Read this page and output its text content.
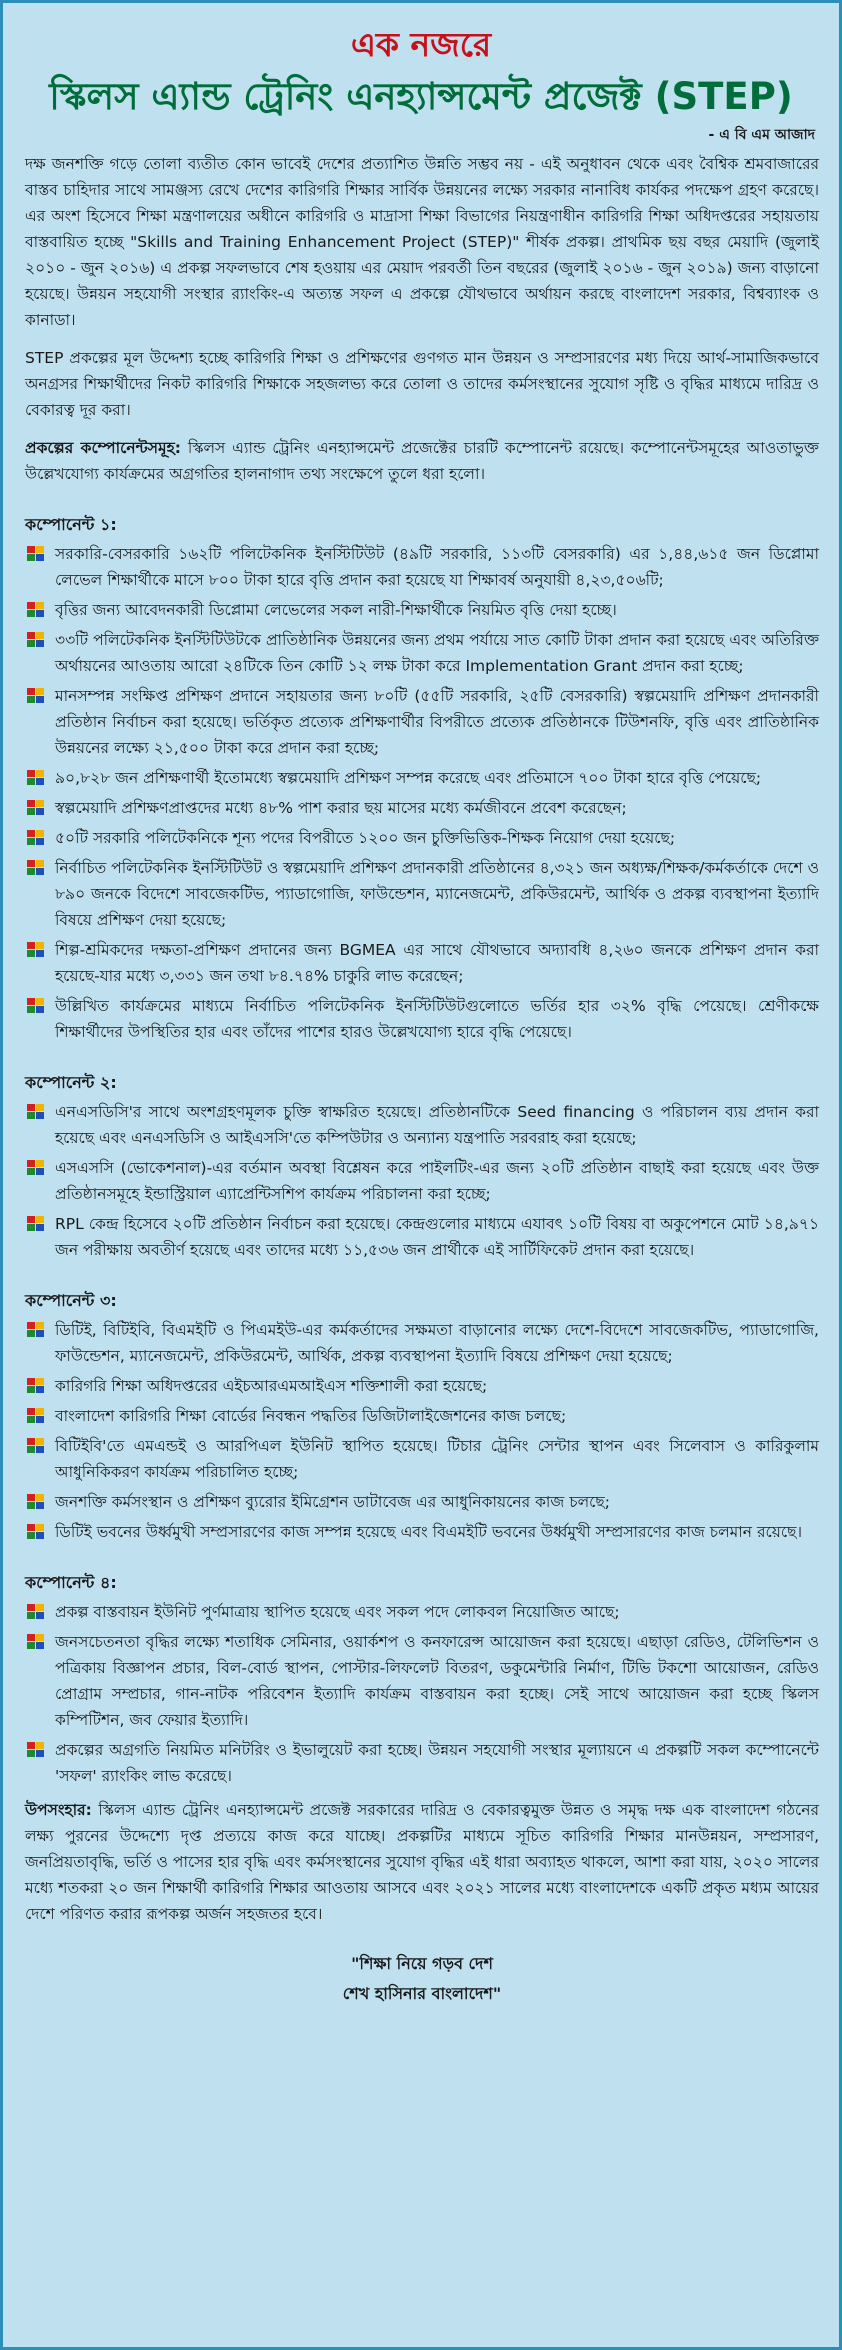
এক নজরে
স্কিলস এ্যান্ড ট্রেনিং এনহ্যান্সমেন্ট প্রজেক্ট (STEP)
- এ বি এম আজাদ

দক্ষ জনশক্তি গড়ে তোলা ব্যতীত কোন ভাবেই দেশের প্রত্যাশিত উন্নতি সম্ভব নয় - এই অনুধাবন থেকে এবং বৈশ্বিক শ্রমবাজারের বাস্তব চাহিদার সাথে সামঞ্জস্য রেখে দেশের কারিগরি শিক্ষার সার্বিক উন্নয়নের লক্ষ্যে সরকার নানাবিধ কার্যকর পদক্ষেপ গ্রহণ করেছে। এর অংশ হিসেবে শিক্ষা মন্ত্রণালয়ের অধীনে কারিগরি ও মাদ্রাসা শিক্ষা বিভাগের নিয়ন্ত্রণাধীন কারিগরি শিক্ষা অধিদপ্তরের সহায়তায় বাস্তবায়িত হচ্ছে "Skills and Training Enhancement Project (STEP)" শীর্ষক প্রকল্প। প্রাথমিক ছয় বছর মেয়াদি (জুলাই ২০১০ - জুন ২০১৬) এ প্রকল্প সফলভাবে শেষ হওয়ায় এর মেয়াদ পরবর্তী তিন বছরের (জুলাই ২০১৬ - জুন ২০১৯) জন্য বাড়ানো হয়েছে। উন্নয়ন সহযোগী সংস্থার র‍্যাংকিং-এ অত্যন্ত সফল এ প্রকল্পে যৌথভাবে অর্থায়ন করছে বাংলাদেশ সরকার, বিশ্বব্যাংক ও কানাডা।

STEP প্রকল্পের মূল উদ্দেশ্য হচ্ছে কারিগরি শিক্ষা ও প্রশিক্ষণের গুণগত মান উন্নয়ন ও সম্প্রসারণের মধ্য দিয়ে আর্থ-সামাজিকভাবে অনগ্রসর শিক্ষার্থীদের নিকট কারিগরি শিক্ষাকে সহজলভ্য করে তোলা ও তাদের কর্মসংস্থানের সুযোগ সৃষ্টি ও বৃদ্ধির মাধ্যমে দারিদ্র ও বেকারত্ব দূর করা।

প্রকল্পের কম্পোনেন্টসমূহ: স্কিলস এ্যান্ড ট্রেনিং এনহ্যান্সমেন্ট প্রজেক্টের চারটি কম্পোনেন্ট রয়েছে। কম্পোনেন্টসমূহের আওতাভুক্ত উল্লেখযোগ্য কার্যক্রমের অগ্রগতির হালনাগাদ তথ্য সংক্ষেপে তুলে ধরা হলো।

কম্পোনেন্ট ১:
সরকারি-বেসরকারি ১৬২টি পলিটেকনিক ইনস্টিটিউট (৪৯টি সরকারি, ১১৩টি বেসরকারি) এর ১,৪৪,৬১৫ জন ডিপ্লোমা লেভেল শিক্ষার্থীকে মাসে ৮০০ টাকা হারে বৃত্তি প্রদান করা হয়েছে যা শিক্ষাবর্ষ অনুযায়ী ৪,২৩,৫০৬টি;
বৃত্তির জন্য আবেদনকারী ডিপ্লোমা লেভেলের সকল নারী-শিক্ষার্থীকে নিয়মিত বৃত্তি দেয়া হচ্ছে।
৩৩টি পলিটেকনিক ইনস্টিটিউটকে প্রাতিষ্ঠানিক উন্নয়নের জন্য প্রথম পর্যায়ে সাত কোটি টাকা প্রদান করা হয়েছে এবং অতিরিক্ত অর্থায়নের আওতায় আরো ২৪টিকে তিন কোটি ১২ লক্ষ টাকা করে Implementation Grant প্রদান করা হচ্ছে;
মানসম্পন্ন সংক্ষিপ্ত প্রশিক্ষণ প্রদানে সহায়তার জন্য ৮০টি (৫৫টি সরকারি, ২৫টি বেসরকারি) স্বল্পমেয়াদি প্রশিক্ষণ প্রদানকারী প্রতিষ্ঠান নির্বাচন করা হয়েছে। ভর্তিকৃত প্রত্যেক প্রশিক্ষণার্থীর বিপরীতে প্রত্যেক প্রতিষ্ঠানকে টিউশনফি, বৃত্তি এবং প্রাতিষ্ঠানিক উন্নয়নের লক্ষ্যে ২১,৫০০ টাকা করে প্রদান করা হচ্ছে;
৯০,৮২৮ জন প্রশিক্ষণার্থী ইতোমধ্যে স্বল্পমেয়াদি প্রশিক্ষণ সম্পন্ন করেছে এবং প্রতিমাসে ৭০০ টাকা হারে বৃত্তি পেয়েছে;
স্বল্পমেয়াদি প্রশিক্ষণপ্রাপ্তদের মধ্যে ৪৮% পাশ করার ছয় মাসের মধ্যে কর্মজীবনে প্রবেশ করেছেন;
৫০টি সরকারি পলিটেকনিকে শূন্য পদের বিপরীতে ১২০০ জন চুক্তিভিত্তিক-শিক্ষক নিয়োগ দেয়া হয়েছে;
নির্বাচিত পলিটেকনিক ইনস্টিটিউট ও স্বল্পমেয়াদি প্রশিক্ষণ প্রদানকারী প্রতিষ্ঠানের ৪,৩২১ জন অধ্যক্ষ/শিক্ষক/কর্মকর্তাকে দেশে ও ৮৯০ জনকে বিদেশে সাবজেকটিভ, প্যাডাগোজি, ফাউন্ডেশন, ম্যানেজমেন্ট, প্রকিউরমেন্ট, আর্থিক ও প্রকল্প ব্যবস্থাপনা ইত্যাদি বিষয়ে প্রশিক্ষণ দেয়া হয়েছে;
শিল্প-শ্রমিকদের দক্ষতা-প্রশিক্ষণ প্রদানের জন্য BGMEA এর সাথে যৌথভাবে অদ্যাবধি ৪,২৬০ জনকে প্রশিক্ষণ প্রদান করা হয়েছে-যার মধ্যে ৩,৩৩১ জন তথা ৮৪.৭৪% চাকুরি লাভ করেছেন;
উল্লিখিত কার্যক্রমের মাধ্যমে নির্বাচিত পলিটেকনিক ইনস্টিটিউটগুলোতে ভর্তির হার ৩২% বৃদ্ধি পেয়েছে। শ্রেণীকক্ষে শিক্ষার্থীদের উপস্থিতির হার এবং তাঁদের পাশের হারও উল্লেখযোগ্য হারে বৃদ্ধি পেয়েছে।
কম্পোনেন্ট ২:
এনএসডিসি'র সাথে অংশগ্রহণমূলক চুক্তি স্বাক্ষরিত হয়েছে। প্রতিষ্ঠানটিকে Seed financing ও পরিচালন ব্যয় প্রদান করা হয়েছে এবং এনএসডিসি ও আইএসসি'তে কম্পিউটার ও অন্যান্য যন্ত্রপাতি সরবরাহ করা হয়েছে;
এসএসসি (ভোকেশনাল)-এর বর্তমান অবস্থা বিশ্লেষন করে পাইলটিং-এর জন্য ২০টি প্রতিষ্ঠান বাছাই করা হয়েছে এবং উক্ত প্রতিষ্ঠানসমূহে ইন্ডাস্ট্রিয়াল এ্যাপ্রেন্টিসশিপ কার্যক্রম পরিচালনা করা হচ্ছে;
RPL কেন্দ্র হিসেবে ২০টি প্রতিষ্ঠান নির্বাচন করা হয়েছে। কেন্দ্রগুলোর মাধ্যমে এযাবৎ ১০টি বিষয় বা অকুপেশনে মোট ১৪,৯৭১ জন পরীক্ষায় অবতীর্ণ হয়েছে এবং তাদের মধ্যে ১১,৫৩৬ জন প্রার্থীকে এই সার্টিফিকেট প্রদান করা হয়েছে।
কম্পোনেন্ট ৩:
ডিটিই, বিটিইবি, বিএমইটি ও পিএমইউ-এর কর্মকর্তাদের সক্ষমতা বাড়ানোর লক্ষ্যে দেশে-বিদেশে সাবজেকটিভ, প্যাডাগোজি, ফাউন্ডেশন, ম্যানেজমেন্ট, প্রকিউরমেন্ট, আর্থিক, প্রকল্প ব্যবস্থাপনা ইত্যাদি বিষয়ে প্রশিক্ষণ দেয়া হয়েছে;
কারিগরি শিক্ষা অধিদপ্তরের এইচআরএমআইএস শক্তিশালী করা হয়েছে;
বাংলাদেশ কারিগরি শিক্ষা বোর্ডের নিবন্ধন পদ্ধতির ডিজিটালাইজেশনের কাজ চলছে;
বিটিইবি'তে এমএন্ডই ও আরপিএল ইউনিট স্থাপিত হয়েছে। টিচার ট্রেনিং সেন্টার স্থাপন এবং সিলেবাস ও কারিকুলাম আধুনিকিকরণ কার্যক্রম পরিচালিত হচ্ছে;
জনশক্তি কর্মসংস্থান ও প্রশিক্ষণ ব্যুরোর ইমিগ্রেশন ডাটাবেজ এর আধুনিকায়নের কাজ চলছে;
ডিটিই ভবনের উর্ধ্বমুখী সম্প্রসারণের কাজ সম্পন্ন হয়েছে এবং বিএমইটি ভবনের উর্ধ্বমুখী সম্প্রসারণের কাজ চলমান রয়েছে।
কম্পোনেন্ট ৪:
প্রকল্প বাস্তবায়ন ইউনিট পুর্ণমাত্রায় স্থাপিত হয়েছে এবং সকল পদে লোকবল নিয়োজিত আছে;
জনসচেতনতা বৃদ্ধির লক্ষ্যে শতাধিক সেমিনার, ওয়ার্কশপ ও কনফারেন্স আয়োজন করা হয়েছে। এছাড়া রেডিও, টেলিভিশন ও পত্রিকায় বিজ্ঞাপন প্রচার, বিল-বোর্ড স্থাপন, পোস্টার-লিফলেট বিতরণ, ডকুমেন্টারি নির্মাণ, টিভি টকশো আয়োজন, রেডিও প্রোগ্রাম সম্প্রচার, গান-নাটক পরিবেশন ইত্যাদি কার্যক্রম বাস্তবায়ন করা হচ্ছে। সেই সাথে আয়োজন করা হচ্ছে স্কিলস কম্পিটিশন, জব ফেয়ার ইত্যাদি।
প্রকল্পের অগ্রগতি নিয়মিত মনিটরিং ও ইভালুয়েট করা হচ্ছে। উন্নয়ন সহযোগী সংস্থার মূল্যায়নে এ প্রকল্পটি সকল কম্পোনেন্টে 'সফল' র‍্যাংকিং লাভ করেছে।

উপসংহার: স্কিলস এ্যান্ড ট্রেনিং এনহ্যান্সমেন্ট প্রজেক্ট সরকারের দারিদ্র ও বেকারত্বমুক্ত উন্নত ও সমৃদ্ধ দক্ষ এক বাংলাদেশ গঠনের লক্ষ্য পুরনের উদ্দেশ্যে দৃপ্ত প্রত্যয়ে কাজ করে যাচ্ছে। প্রকল্পটির মাধ্যমে সূচিত কারিগরি শিক্ষার মানউন্নয়ন, সম্প্রসারণ, জনপ্রিয়তাবৃদ্ধি, ভর্তি ও পাসের হার বৃদ্ধি এবং কর্মসংস্থানের সুযোগ বৃদ্ধির এই ধারা অব্যাহত থাকলে, আশা করা যায়, ২০২০ সালের মধ্যে শতকরা ২০ জন শিক্ষার্থী কারিগরি শিক্ষার আওতায় আসবে এবং ২০২১ সালের মধ্যে বাংলাদেশকে একটি প্রকৃত মধ্যম আয়ের দেশে পরিণত করার রূপকল্প অর্জন সহজতর হবে।

"শিক্ষা নিয়ে গড়ব দেশ
শেখ হাসিনার বাংলাদেশ"
